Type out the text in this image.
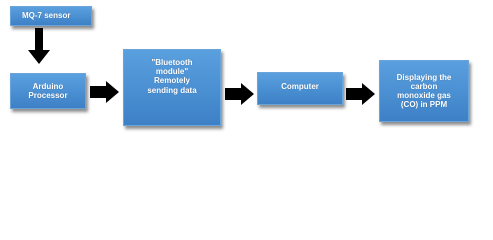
MQ-7 sensor
Arduino
Processor
"Bluetooth
module"
Remotely
sending data	Computer
Displaying the
carbon
monoxide gas
(CO) in PPM
